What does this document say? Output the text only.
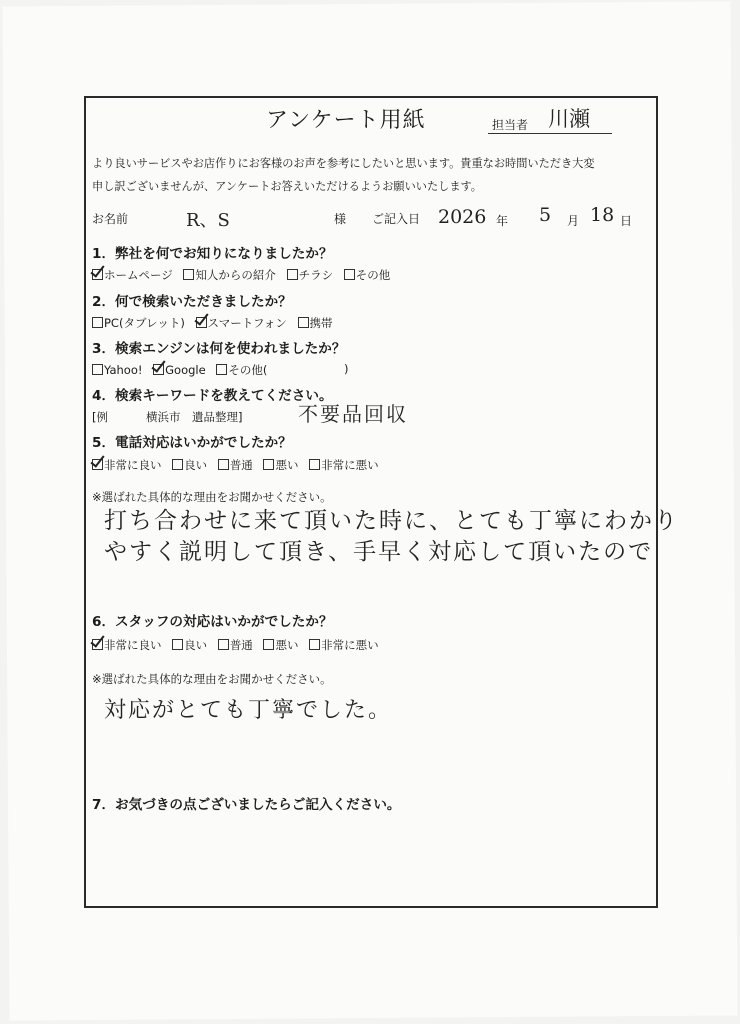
アンケート用紙	担当者 川瀬
より良いサービスやお店作りにお客様のお声を参考にしたいと思います。貴重なお時間いただき大変
申し訳ございませんが、アンケートお答えいただけるようお願いいたします。
お名前	R、S	様 ご記入日 2026 年 5 月 18 日
1．弊社を何でお知りになりましたか？
ホームページ 知人からの紹介 チラシ その他
2．何で検索いただきましたか？
PC(タブレット) スマートフォン 携帯
3．検索エンジンは何を使われましたか？
Yahoo! Google その他(	)
4．検索キーワードを教えてください。
[例	横浜市　遺品整理]	不要品回収
5．電話対応はいかがでしたか？
非常に良い 良い 普通 悪い 非常に悪い
※選ばれた具体的な理由をお聞かせください。
打ち合わせに来て頂いた時に、とても丁寧にわかり
やすく説明して頂き、手早く対応して頂いたので
6．スタッフの対応はいかがでしたか？
非常に良い 良い 普通 悪い 非常に悪い
※選ばれた具体的な理由をお聞かせください。
対応がとても丁寧でした。
7．お気づきの点ございましたらご記入ください。
